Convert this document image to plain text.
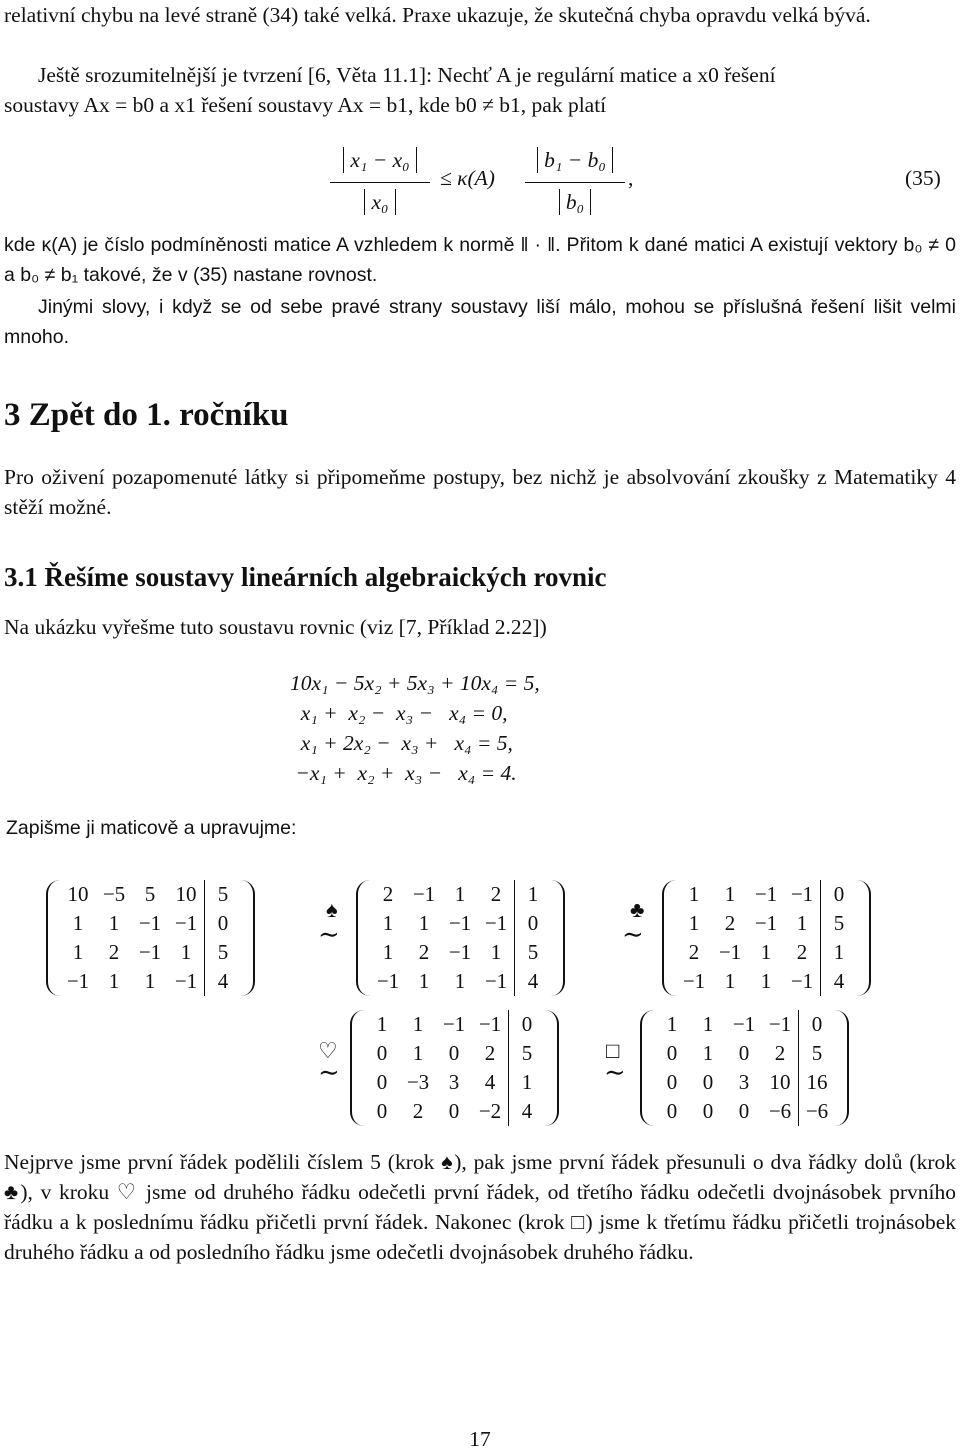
relativní chybu na levé straně (34) také velká. Praxe ukazuje, že skutečná chyba opravdu velká bývá.
Ještě srozumitelnější je tvrzení [6, Věta 11.1]: Nechť A je regulární matice a x0 řešení
soustavy Ax = b0 a x1 řešení soustavy Ax = b1, kde b0 ≠ b1, pak platí
x₁ − x₀
x₀
≤ κ(A)
b₁ − b₀
b₀
,	(35)
kde κ(A) je číslo podmíněnosti matice A vzhledem k normě ‖ · ‖. Přitom k dané matici A existují vektory b₀ ≠ 0 a b₀ ≠ b₁ takové, že v (35) nastane rovnost.
Jinými slovy, i když se od sebe pravé strany soustavy liší málo, mohou se příslušná řešení lišit velmi mnoho.
3 Zpět do 1. ročníku
Pro oživení pozapomenuté látky si připomeňme postupy, bez nichž je absolvování zkoušky z Matematiky 4 stěží možné.
3.1 Řešíme soustavy lineárních algebraických rovnic
Na ukázku vyřešme tuto soustavu rovnic (viz [7, Příklad 2.22])
10x₁ − 5x₂ + 5x₃ + 10x₄ = 5,
x₁ +  x₂ −  x₃ −   x₄ = 0,
x₁ + 2x₂ −  x₃ +   x₄ = 5,
−x₁ +  x₂ +  x₃ −   x₄ = 4.
Zapišme ji maticově a upravujme:
10	−5	5	10	5
1	1	−1	−1	0
1	2	−1	1	5
−1	1	1	−1	4
∼
♠
2	−1	1	2	1
1	1	−1	−1	0
1	2	−1	1	5
−1	1	1	−1	4
∼
♣
1	1	−1	−1	0
1	2	−1	1	5
2	−1	1	2	1
−1	1	1	−1	4
∼
♡
1	1	−1	−1	0
0	1	0	2	5
0	−3	3	4	1
0	2	0	−2	4
∼
□
1	1	−1	−1	0
0	1	0	2	5
0	0	3	10	16
0	0	0	−6	−6
Nejprve jsme první řádek podělili číslem 5 (krok ♠), pak jsme první řádek přesunuli o dva řádky dolů (krok ♣), v kroku ♡ jsme od druhého řádku odečetli první řádek, od třetího řádku odečetli dvojnásobek prvního řádku a k poslednímu řádku přičetli první řádek. Nakonec (krok □) jsme k třetímu řádku přičetli trojnásobek druhého řádku a od posledního řádku jsme odečetli dvojnásobek druhého řádku.
17
